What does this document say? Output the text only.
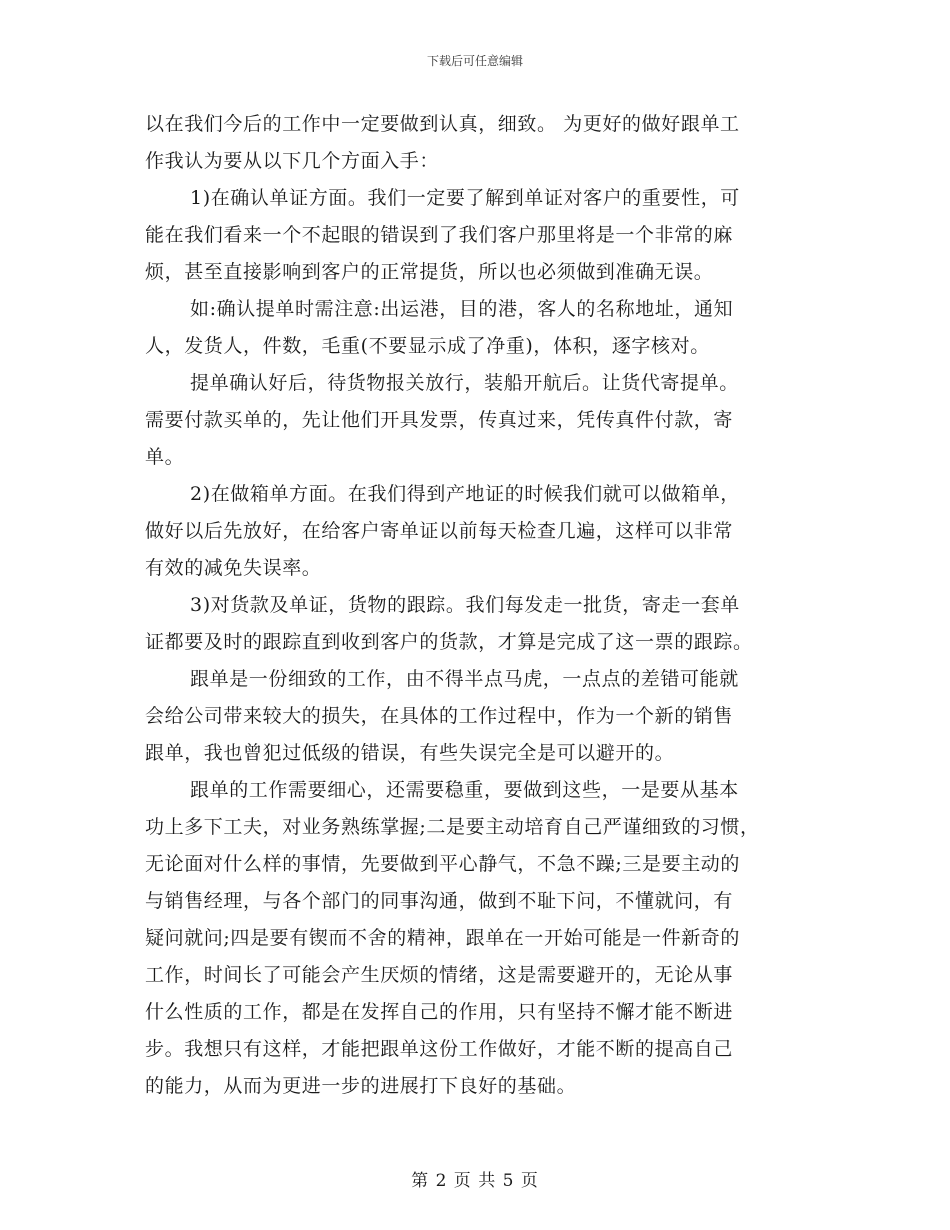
下载后可任意编辑
以在我们今后的工作中一定要做到认真，细致。 为更好的做好跟单工
作我认为要从以下几个方面入手：
1)在确认单证方面。我们一定要了解到单证对客户的重要性，可
能在我们看来一个不起眼的错误到了我们客户那里将是一个非常的麻
烦，甚至直接影响到客户的正常提货，所以也必须做到准确无误。
如:确认提单时需注意:出运港，目的港，客人的名称地址，通知
人，发货人，件数，毛重(不要显示成了净重)，体积，逐字核对。
提单确认好后，待货物报关放行，装船开航后。让货代寄提单。
需要付款买单的，先让他们开具发票，传真过来，凭传真件付款，寄
单。
2)在做箱单方面。在我们得到产地证的时候我们就可以做箱单，
做好以后先放好，在给客户寄单证以前每天检查几遍，这样可以非常
有效的减免失误率。
3)对货款及单证，货物的跟踪。我们每发走一批货，寄走一套单
证都要及时的跟踪直到收到客户的货款，才算是完成了这一票的跟踪。
跟单是一份细致的工作，由不得半点马虎，一点点的差错可能就
会给公司带来较大的损失，在具体的工作过程中，作为一个新的销售
跟单，我也曾犯过低级的错误，有些失误完全是可以避开的。
跟单的工作需要细心，还需要稳重，要做到这些，一是要从基本
功上多下工夫，对业务熟练掌握;二是要主动培育自己严谨细致的习惯，
无论面对什么样的事情，先要做到平心静气，不急不躁;三是要主动的
与销售经理，与各个部门的同事沟通，做到不耻下问，不懂就问，有
疑问就问;四是要有锲而不舍的精神，跟单在一开始可能是一件新奇的
工作，时间长了可能会产生厌烦的情绪，这是需要避开的，无论从事
什么性质的工作，都是在发挥自己的作用，只有坚持不懈才能不断进
步。我想只有这样，才能把跟单这份工作做好，才能不断的提高自己
的能力，从而为更进一步的进展打下良好的基础。
第 2 页 共 5 页
